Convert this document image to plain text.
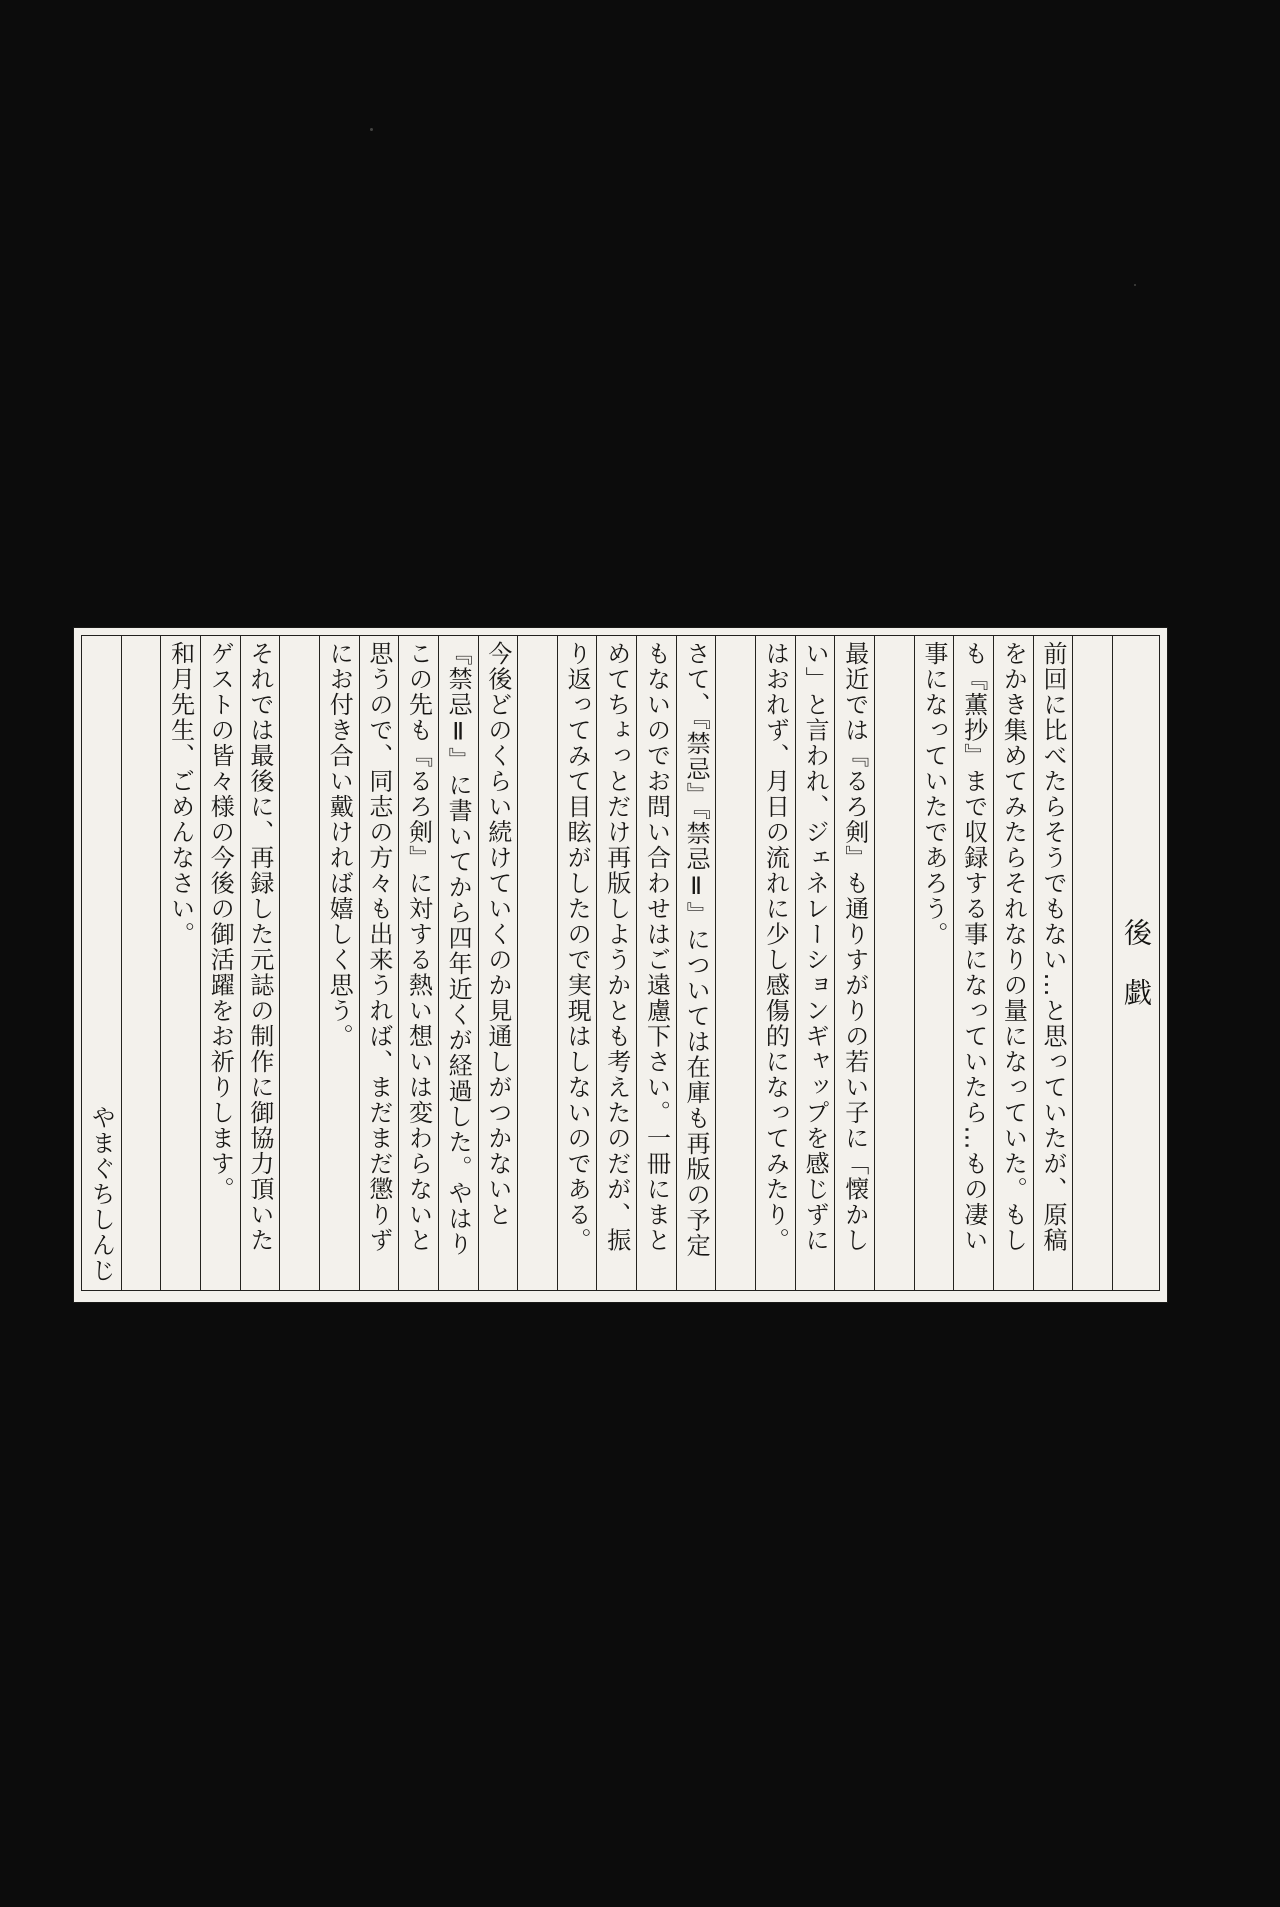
後　戯
前回に比べたらそうでもない…と思っていたが、原稿
をかき集めてみたらそれなりの量になっていた。もし
も『薫抄』まで収録する事になっていたら…もの凄い
事になっていたであろう。
最近では『るろ剣』も通りすがりの若い子に「懐かし
い」と言われ、ジェネレーションギャップを感じずに
はおれず、月日の流れに少し感傷的になってみたり。
さて、『禁忌』『禁忌Ⅱ』については在庫も再版の予定
もないのでお問い合わせはご遠慮下さい。一冊にまと
めてちょっとだけ再版しようかとも考えたのだが、振
り返ってみて目眩がしたので実現はしないのである。
今後どのくらい続けていくのか見通しがつかないと
『禁忌Ⅱ』に書いてから四年近くが経過した。やはり
この先も『るろ剣』に対する熱い想いは変わらないと
思うので、同志の方々も出来うれば、まだまだ懲りず
にお付き合い戴ければ嬉しく思う。
それでは最後に、再録した元誌の制作に御協力頂いた
ゲストの皆々様の今後の御活躍をお祈りします。
和月先生、ごめんなさい。
やまぐちしんじ
